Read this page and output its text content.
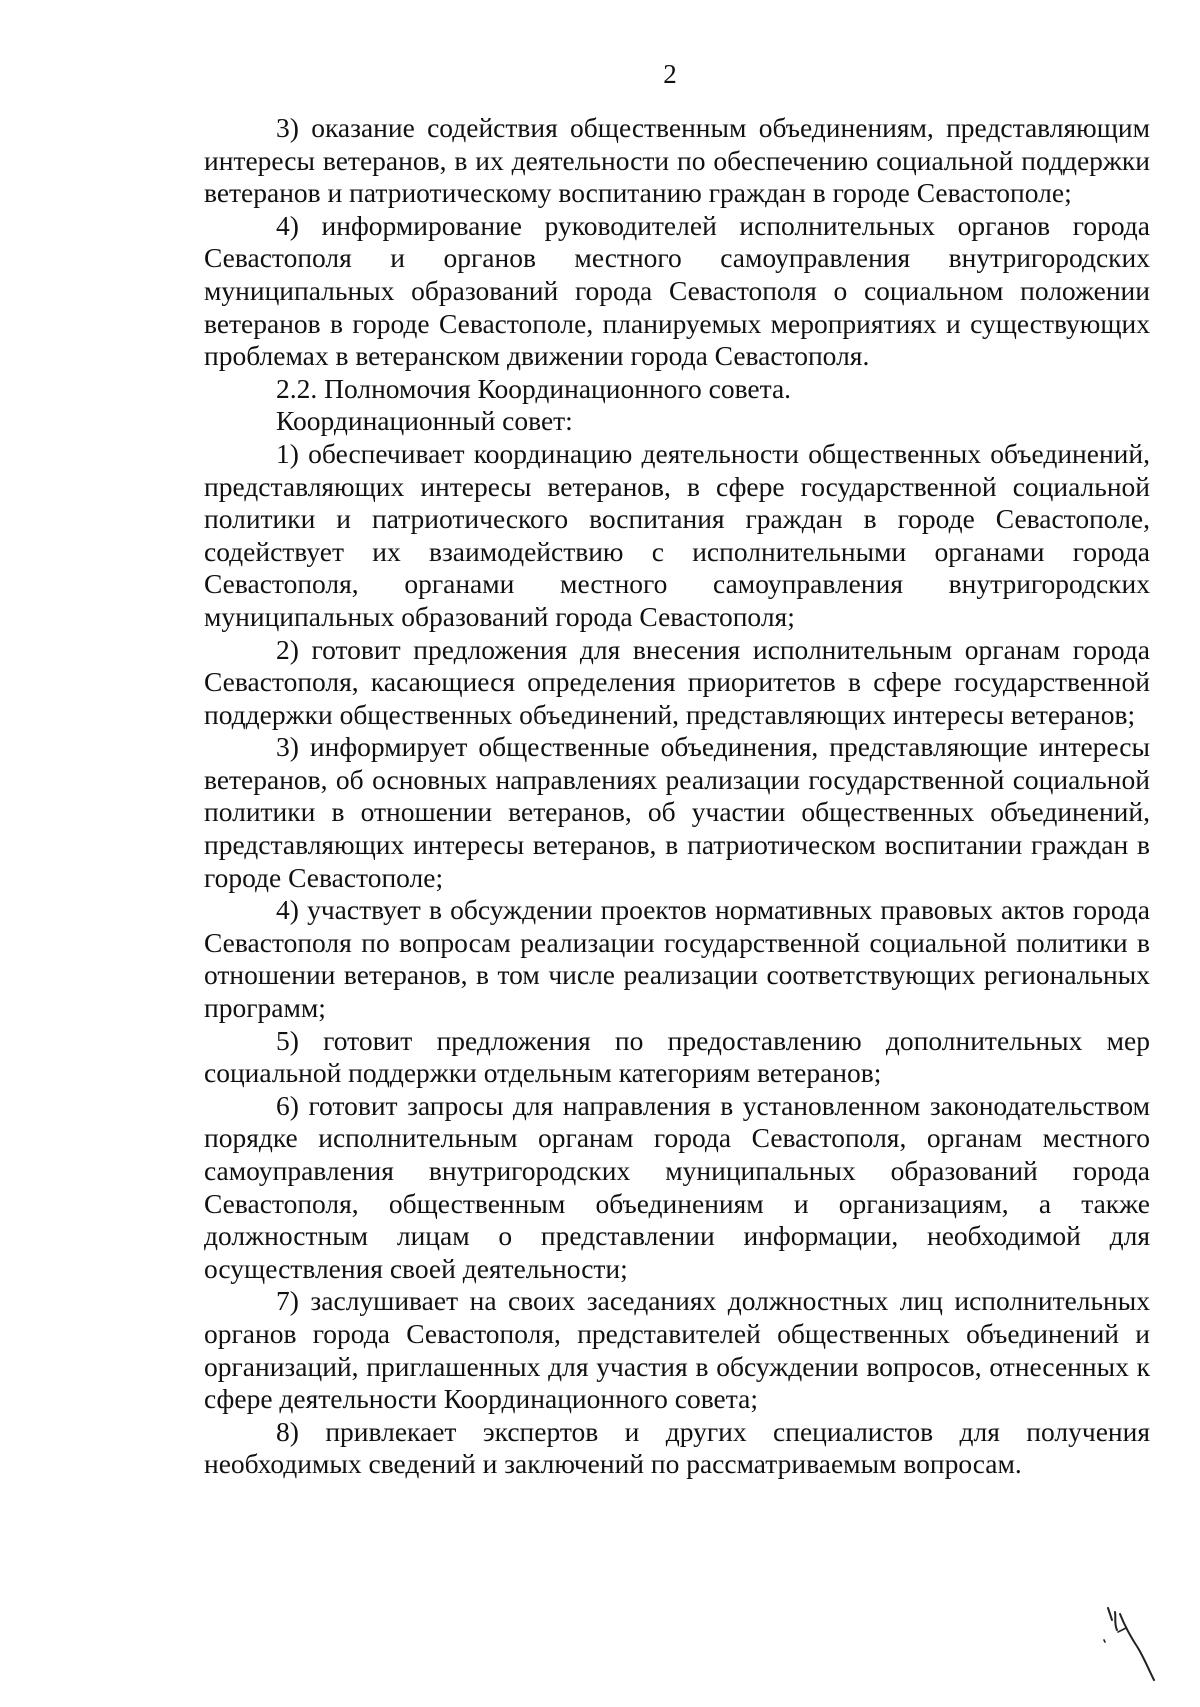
2

3) оказание содействия общественным объединениям, представляющим интересы ветеранов, в их деятельности по обеспечению социальной поддержки ветеранов и патриотическому воспитанию граждан в городе Севастополе;

4) информирование руководителей исполнительных органов города Севастополя и органов местного самоуправления внутригородских муниципальных образований города Севастополя о социальном положении ветеранов в городе Севастополе, планируемых мероприятиях и существующих проблемах в ветеранском движении города Севастополя.

2.2. Полномочия Координационного совета.

Координационный совет:

1) обеспечивает координацию деятельности общественных объединений, представляющих интересы ветеранов, в сфере государственной социальной политики и патриотического воспитания граждан в городе Севастополе, содействует их взаимодействию с исполнительными органами города Севастополя, органами местного самоуправления внутригородских муниципальных образований города Севастополя;

2) готовит предложения для внесения исполнительным органам города Севастополя, касающиеся определения приоритетов в сфере государственной поддержки общественных объединений, представляющих интересы ветеранов;

3) информирует общественные объединения, представляющие интересы ветеранов, об основных направлениях реализации государственной социальной политики в отношении ветеранов, об участии общественных объединений, представляющих интересы ветеранов, в патриотическом воспитании граждан в городе Севастополе;

4) участвует в обсуждении проектов нормативных правовых актов города Севастополя по вопросам реализации государственной социальной политики в отношении ветеранов, в том числе реализации соответствующих региональных программ;

5) готовит предложения по предоставлению дополнительных мер социальной поддержки отдельным категориям ветеранов;

6) готовит запросы для направления в установленном законодательством порядке исполнительным органам города Севастополя, органам местного самоуправления внутригородских муниципальных образований города Севастополя, общественным объединениям и организациям, а также должностным лицам о представлении информации, необходимой для осуществления своей деятельности;

7) заслушивает на своих заседаниях должностных лиц исполнительных органов города Севастополя, представителей общественных объединений и организаций, приглашенных для участия в обсуждении вопросов, отнесенных к сфере деятельности Координационного совета;

8) привлекает экспертов и других специалистов для получения необходимых сведений и заключений по рассматриваемым вопросам.
